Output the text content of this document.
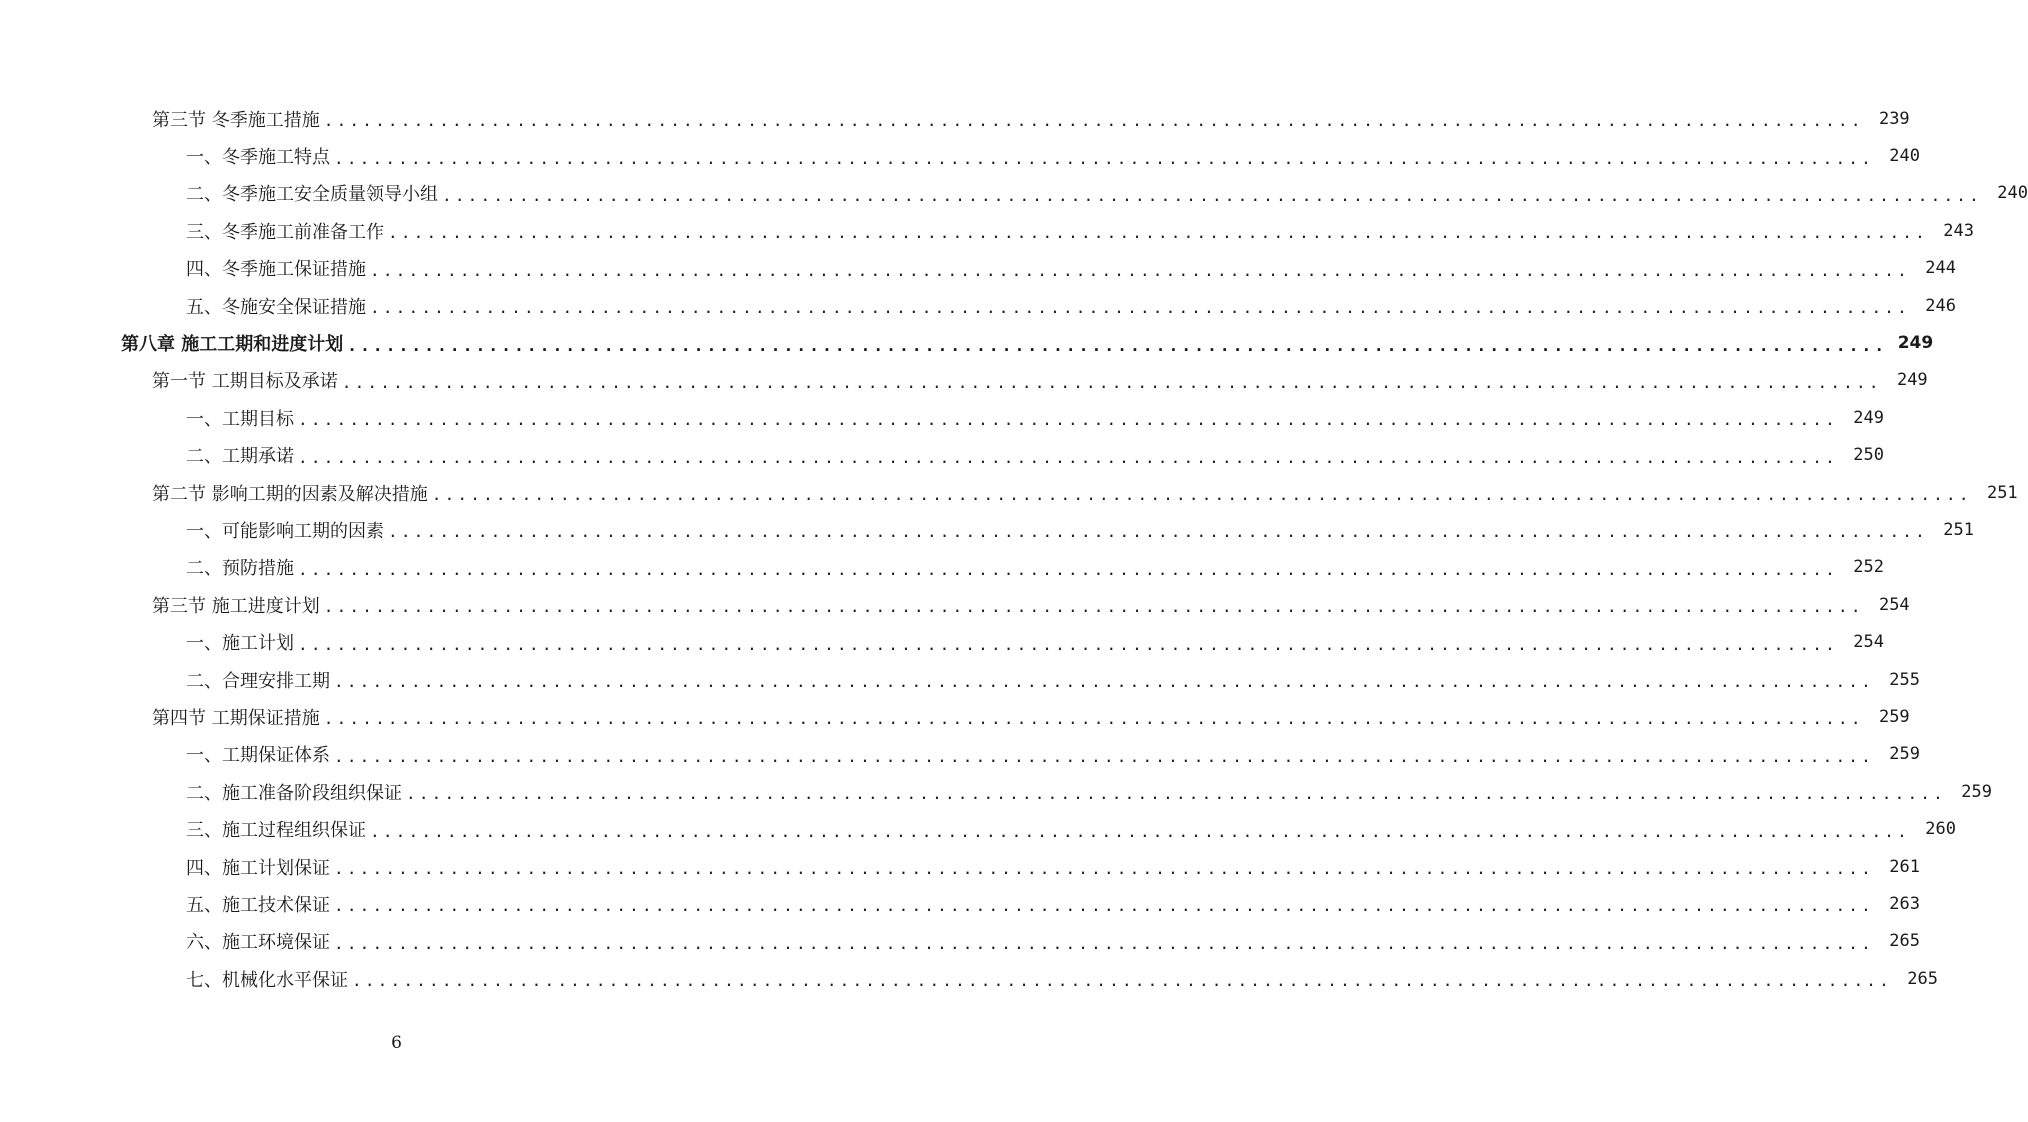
第三节 冬季施工措施 ........................................................................................................................ 239
一、冬季施工特点 ........................................................................................................................ 240
二、冬季施工安全质量领导小组 ........................................................................................................................ 240
三、冬季施工前准备工作 ........................................................................................................................ 243
四、冬季施工保证措施 ........................................................................................................................ 244
五、冬施安全保证措施 ........................................................................................................................ 246
第八章 施工工期和进度计划 ........................................................................................................................ 249
第一节 工期目标及承诺 ........................................................................................................................ 249
一、工期目标 ........................................................................................................................ 249
二、工期承诺 ........................................................................................................................ 250
第二节 影响工期的因素及解决措施 ........................................................................................................................ 251
一、可能影响工期的因素 ........................................................................................................................ 251
二、预防措施 ........................................................................................................................ 252
第三节 施工进度计划 ........................................................................................................................ 254
一、施工计划 ........................................................................................................................ 254
二、合理安排工期 ........................................................................................................................ 255
第四节 工期保证措施 ........................................................................................................................ 259
一、工期保证体系 ........................................................................................................................ 259
二、施工准备阶段组织保证 ........................................................................................................................ 259
三、施工过程组织保证 ........................................................................................................................ 260
四、施工计划保证 ........................................................................................................................ 261
五、施工技术保证 ........................................................................................................................ 263
六、施工环境保证 ........................................................................................................................ 265
七、机械化水平保证 ........................................................................................................................ 265
6
